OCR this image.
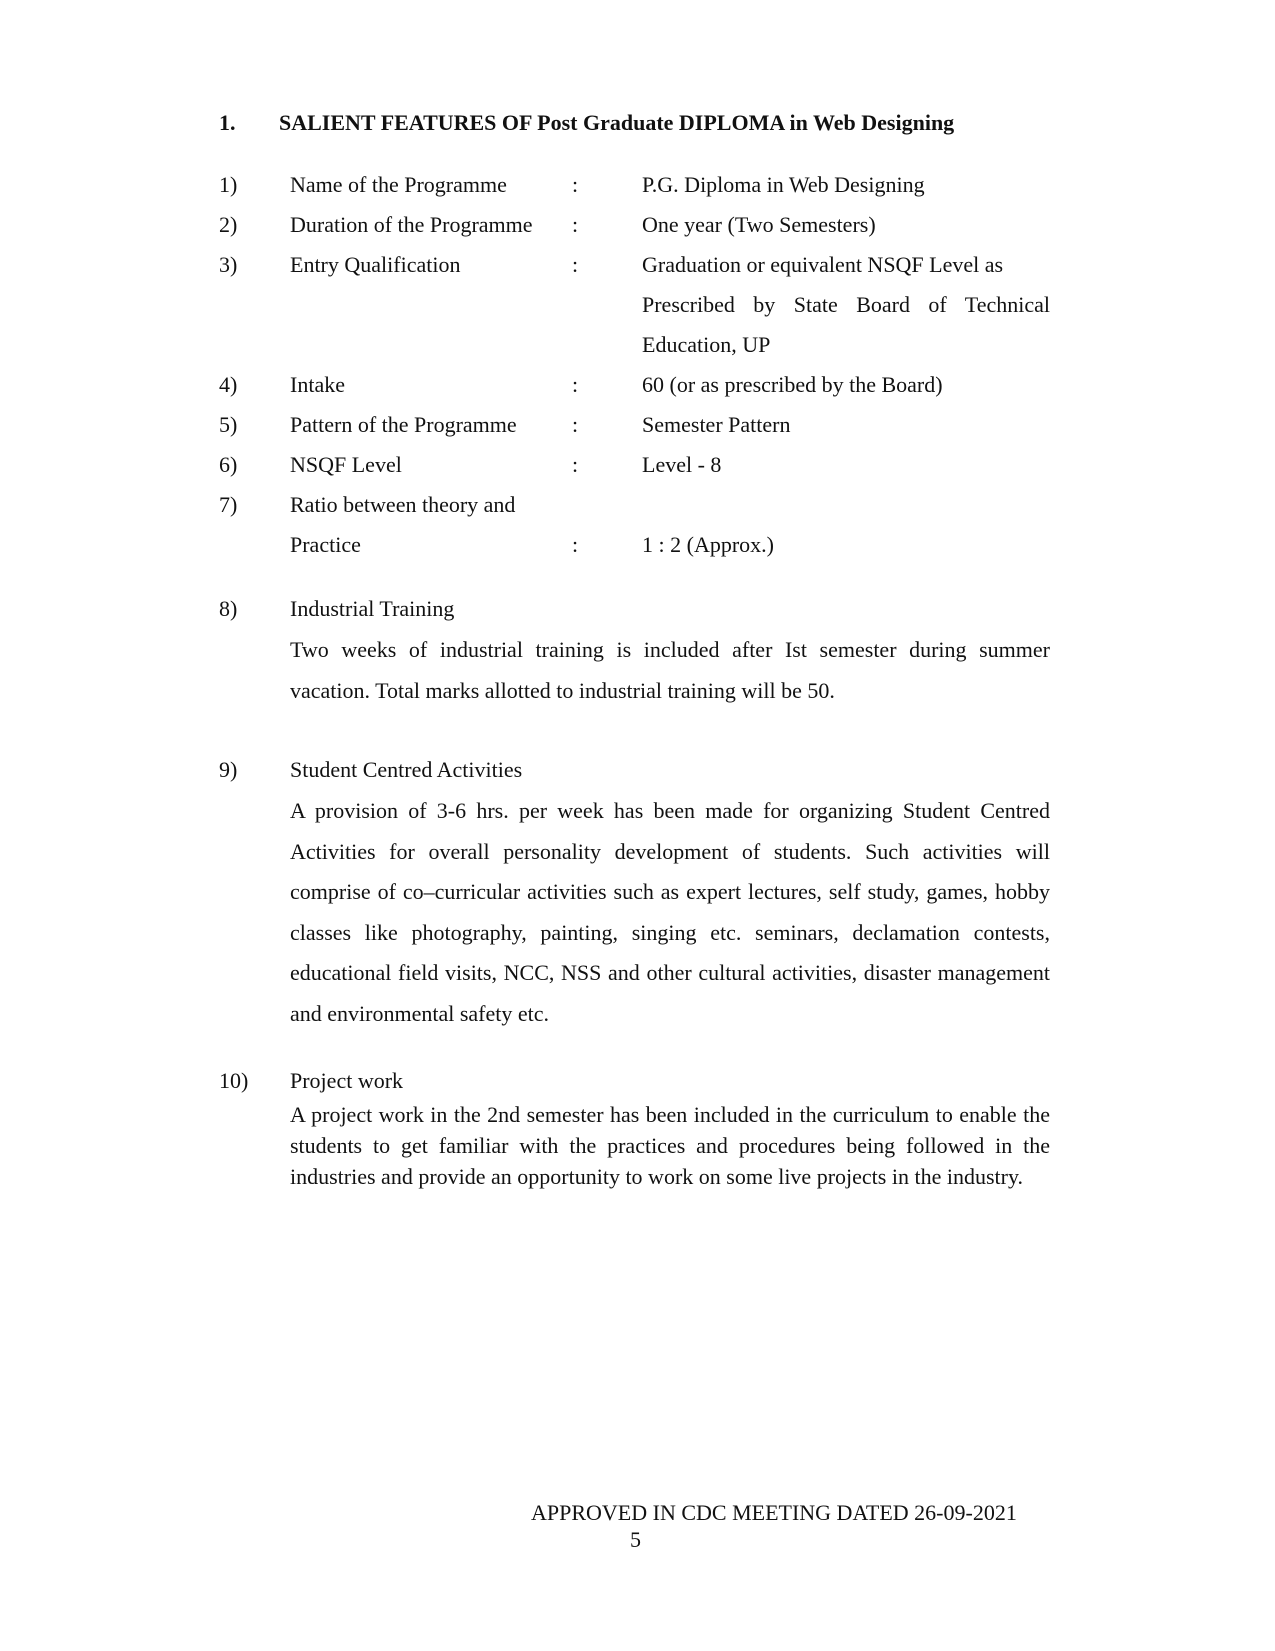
1. SALIENT FEATURES OF Post Graduate DIPLOMA in Web Designing
1) Name of the Programme	:	P.G. Diploma in Web Designing
2) Duration of the Programme :	One year (Two Semesters)
3) Entry Qualification	:	Graduation or equivalent NSQF Level as
Prescribed by State Board of Technical
Education, UP
4) Intake	:	60 (or as prescribed by the Board)
5) Pattern of the Programme	:	Semester Pattern
6) NSQF Level	:	Level - 8
7) Ratio between theory and
Practice	:	1 : 2 (Approx.)
8) Industrial Training
Two weeks of industrial training is included after Ist semester during summer vacation. Total marks allotted to industrial training will be 50.
9) Student Centred Activities
A provision of 3-6 hrs. per week has been made for organizing Student Centred Activities for overall personality development of students. Such activities will comprise of co–curricular activities such as expert lectures, self study, games, hobby classes like photography, painting, singing etc. seminars, declamation contests, educational field visits, NCC, NSS and other cultural activities, disaster management and environmental safety etc.
10) Project work
A project work in the 2nd semester has been included in the curriculum to enable the students to get familiar with the practices and procedures being followed in the industries and provide an opportunity to work on some live projects in the industry.
APPROVED IN CDC MEETING DATED 26-09-2021
5
